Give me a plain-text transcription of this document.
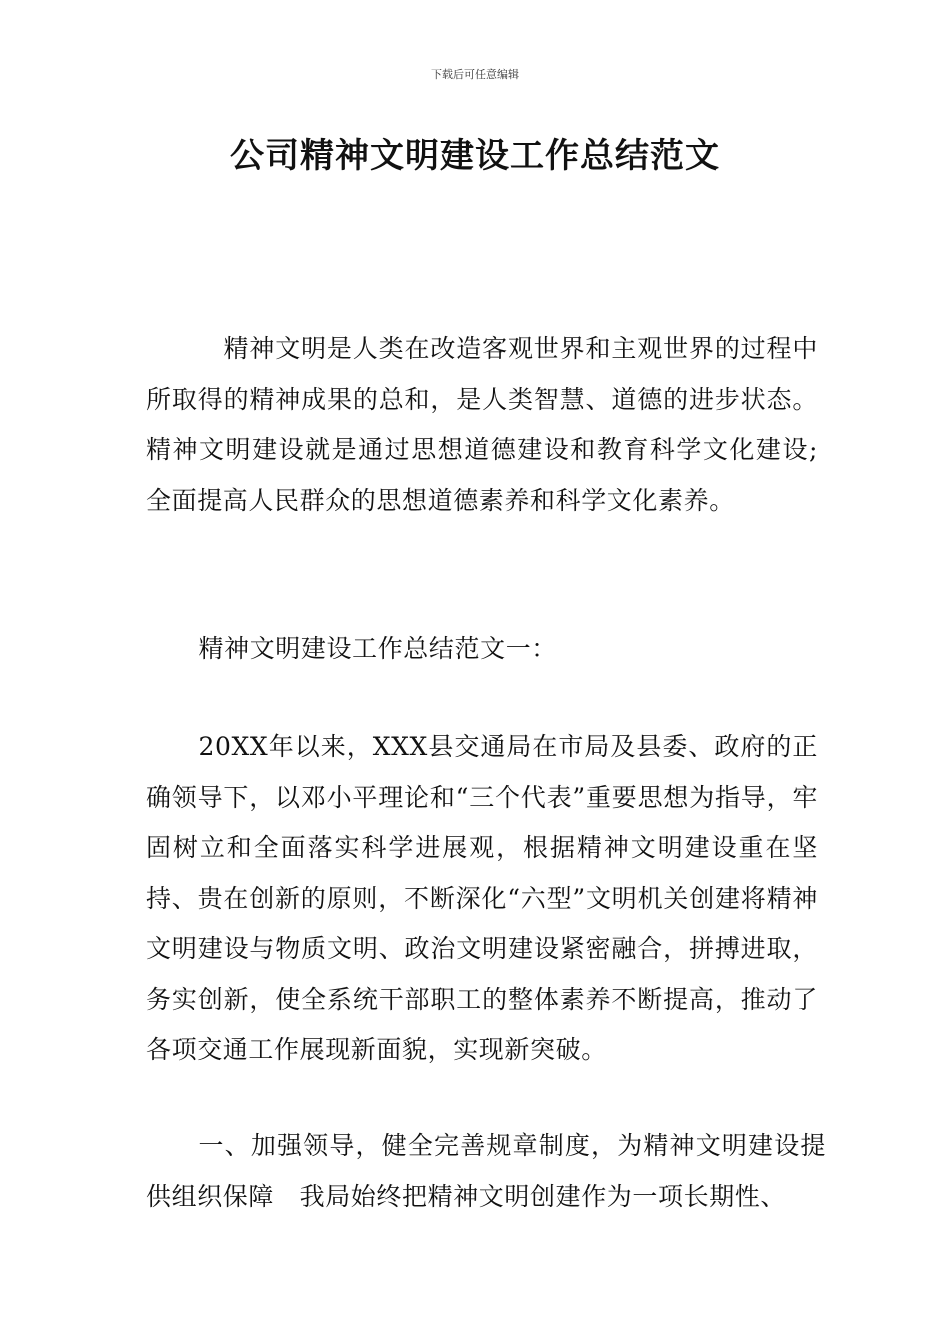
下载后可任意编辑
公司精神文明建设工作总结范文
精神文明是人类在改造客观世界和主观世界的过程中所取得的精神成果的总和，是人类智慧、道德的进步状态。精神文明建设就是通过思想道德建设和教育科学文化建设;全面提高人民群众的思想道德素养和科学文化素养。
精神文明建设工作总结范文一：
20XX年以来，XXX县交通局在市局及县委、政府的正确领导下，以邓小平理论和“三个代表”重要思想为指导，牢固树立和全面落实科学进展观，根据精神文明建设重在坚持、贵在创新的原则，不断深化“六型”文明机关创建将精神文明建设与物质文明、政治文明建设紧密融合，拼搏进取，务实创新，使全系统干部职工的整体素养不断提高，推动了各项交通工作展现新面貌，实现新突破。
一、加强领导，健全完善规章制度，为精神文明建设提供组织保障　我局始终把精神文明创建作为一项长期性、
